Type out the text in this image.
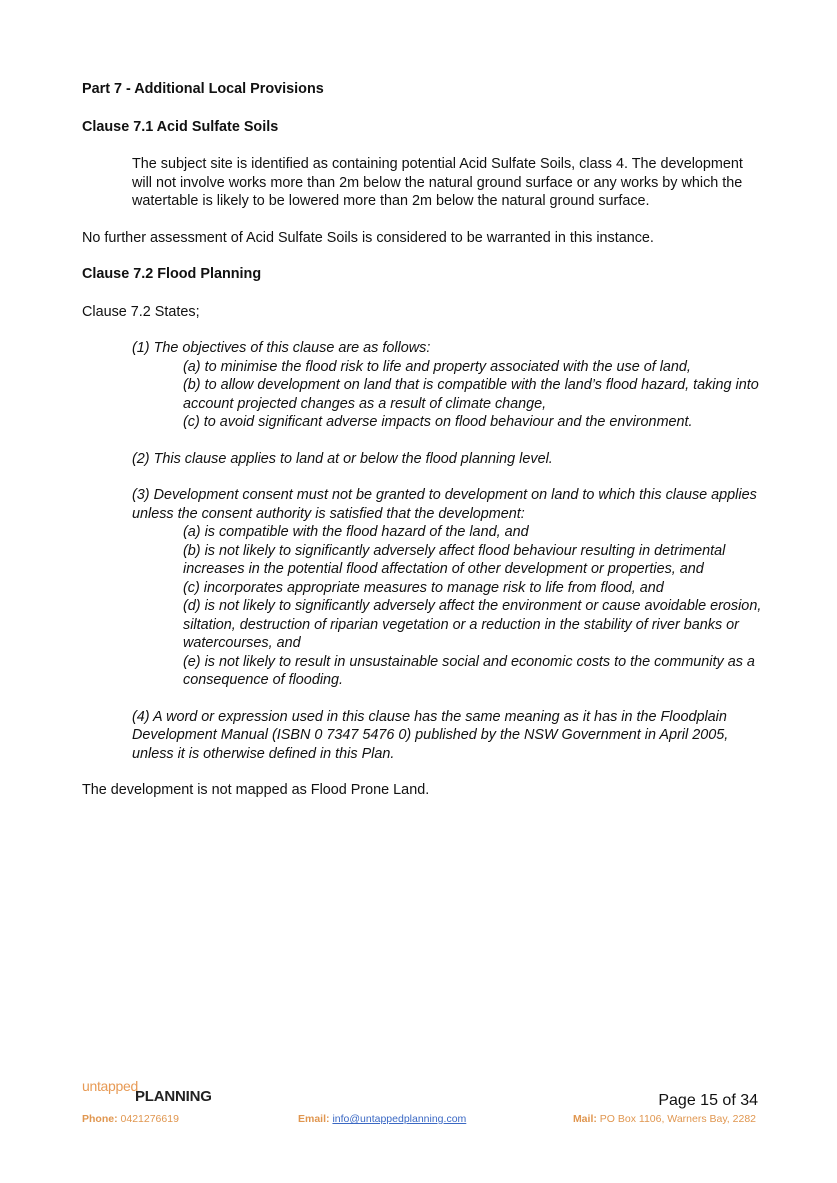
Part 7 - Additional Local Provisions

Clause 7.1 Acid Sulfate Soils

The subject site is identified as containing potential Acid Sulfate Soils, class 4. The development will not involve works more than 2m below the natural ground surface or any works by which the watertable is likely to be lowered more than 2m below the natural ground surface.

No further assessment of Acid Sulfate Soils is considered to be warranted in this instance.

Clause 7.2 Flood Planning

Clause 7.2 States;

(1) The objectives of this clause are as follows:

(a) to minimise the flood risk to life and property associated with the use of land,

(b) to allow development on land that is compatible with the land’s flood hazard, taking into account projected changes as a result of climate change,

(c) to avoid significant adverse impacts on flood behaviour and the environment.

(2) This clause applies to land at or below the flood planning level.

(3) Development consent must not be granted to development on land to which this clause applies unless the consent authority is satisfied that the development:

(a) is compatible with the flood hazard of the land, and

(b) is not likely to significantly adversely affect flood behaviour resulting in detrimental increases in the potential flood affectation of other development or properties, and

(c) incorporates appropriate measures to manage risk to life from flood, and

(d) is not likely to significantly adversely affect the environment or cause avoidable erosion, siltation, destruction of riparian vegetation or a reduction in the stability of river banks or watercourses, and

(e) is not likely to result in unsustainable social and economic costs to the community as a consequence of flooding.

(4) A word or expression used in this clause has the same meaning as it has in the Floodplain Development Manual (ISBN 0 7347 5476 0) published by the NSW Government in April 2005, unless it is otherwise defined in this Plan.

The development is not mapped as Flood Prone Land.

untapped
PLANNING	Page 15 of 34
Phone: 0421276619	Email: info@untappedplanning.com	Mail: PO Box 1106, Warners Bay, 2282
